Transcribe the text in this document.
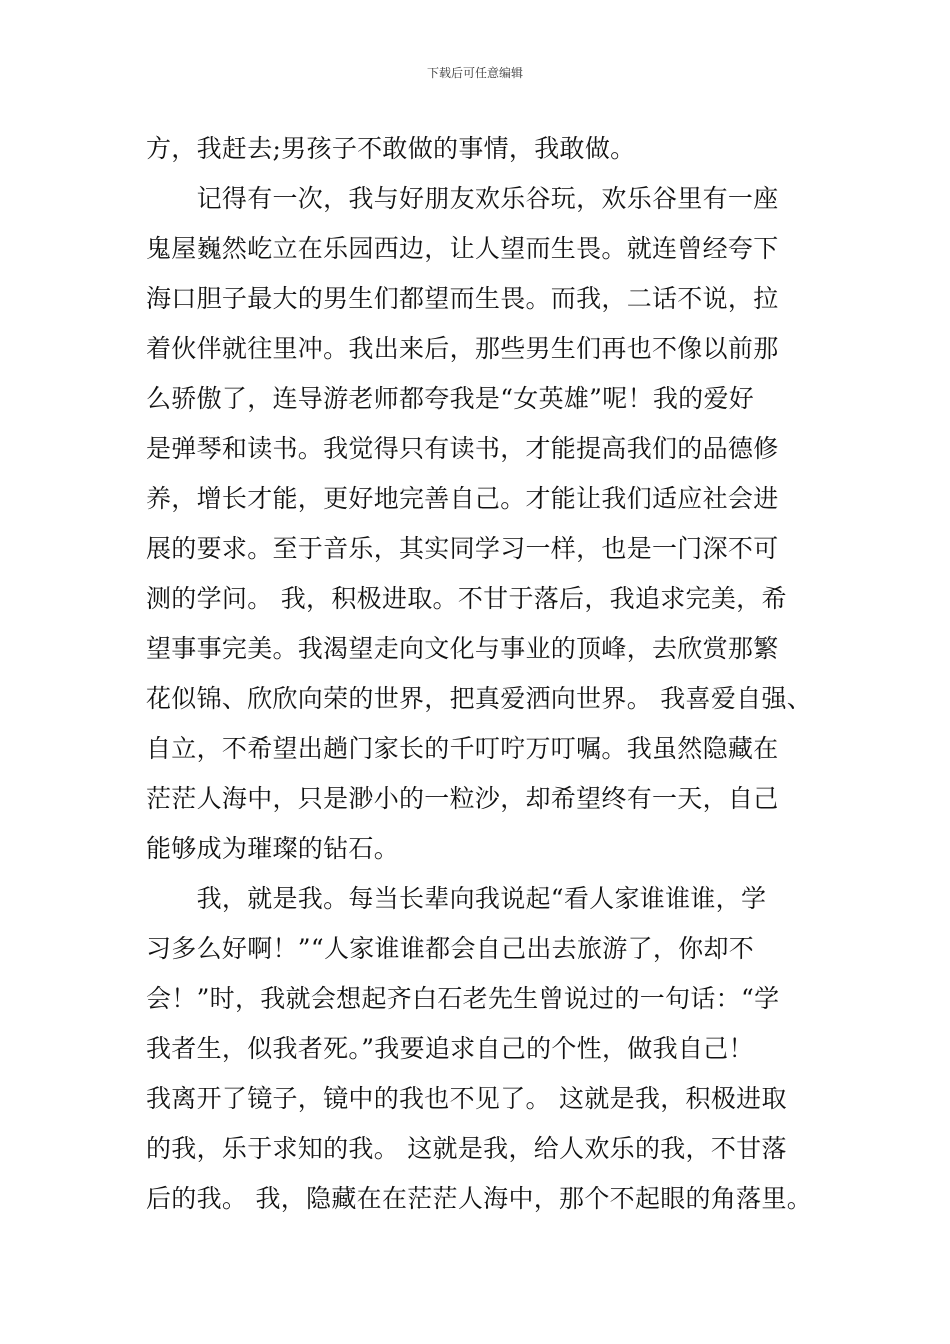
下载后可任意编辑
方，我赶去;男孩子不敢做的事情，我敢做。
　　记得有一次，我与好朋友欢乐谷玩，欢乐谷里有一座
鬼屋巍然屹立在乐园西边，让人望而生畏。就连曾经夸下
海口胆子最大的男生们都望而生畏。而我，二话不说，拉
着伙伴就往里冲。我出来后，那些男生们再也不像以前那
么骄傲了，连导游老师都夸我是“女英雄”呢！我的爱好
是弹琴和读书。我觉得只有读书，才能提高我们的品德修
养，增长才能，更好地完善自己。才能让我们适应社会进
展的要求。至于音乐，其实同学习一样，也是一门深不可
测的学问。 我，积极进取。不甘于落后，我追求完美，希
望事事完美。我渴望走向文化与事业的顶峰，去欣赏那繁
花似锦、欣欣向荣的世界，把真爱洒向世界。 我喜爱自强、
自立，不希望出趟门家长的千叮咛万叮嘱。我虽然隐藏在
茫茫人海中，只是渺小的一粒沙，却希望终有一天，自己
能够成为璀璨的钻石。
　　我，就是我。每当长辈向我说起“看人家谁谁谁，学
习多么好啊！”“人家谁谁都会自己出去旅游了，你却不
会！”时，我就会想起齐白石老先生曾说过的一句话：“学
我者生，似我者死。”我要追求自己的个性，做我自己！
我离开了镜子，镜中的我也不见了。 这就是我，积极进取
的我，乐于求知的我。 这就是我，给人欢乐的我，不甘落
后的我。 我，隐藏在在茫茫人海中，那个不起眼的角落里。
